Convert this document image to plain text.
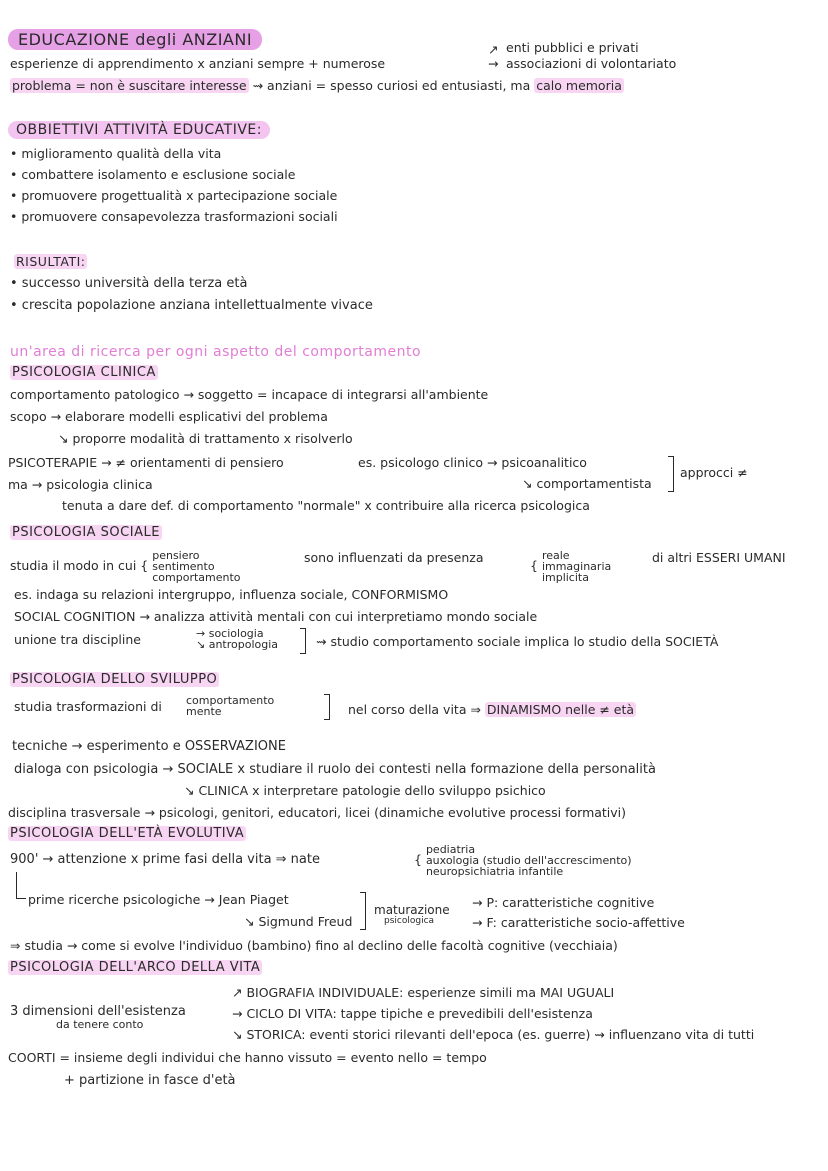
EDUCAZIONE degli ANZIANI
esperienze di apprendimento x anziani sempre + numerose
↗ enti pubblici e privati
→ associazioni di volontariato
problema = non è suscitare interesse ⇝ anziani = spesso curiosi ed entusiasti, ma calo memoria
OBBIETTIVI ATTIVITÀ EDUCATIVE:
• miglioramento qualità della vita
• combattere isolamento e esclusione sociale
• promuovere progettualità x partecipazione sociale
• promuovere consapevolezza trasformazioni sociali
RISULTATI:
• successo università della terza età
• crescita popolazione anziana intellettualmente vivace
un'area di ricerca per ogni aspetto del comportamento
PSICOLOGIA CLINICA
comportamento patologico → soggetto = incapace di integrarsi all'ambiente
scopo → elaborare modelli esplicativi del problema
↘ proporre modalità di trattamento x risolverlo
PSICOTERAPIE → ≠ orientamenti di pensiero	es. psicologo clinico → psicoanalitico
↘ comportamentista
approcci ≠
ma → psicologia clinica
tenuta a dare def. di comportamento "normale" x contribuire alla ricerca psicologica
PSICOLOGIA SOCIALE
studia il modo in cui {
pensiero
sentimento
comportamento
sono influenzati da presenza
{
reale
immaginaria
implicita
di altri ESSERI UMANI
es. indaga su relazioni intergruppo, influenza sociale, CONFORMISMO
SOCIAL COGNITION → analizza attività mentali con cui interpretiamo mondo sociale
unione tra discipline	→ sociologia
↘ antropologia	⇝ studio comportamento sociale implica lo studio della SOCIETÀ
PSICOLOGIA DELLO SVILUPPO
studia trasformazioni di comportamento
mente	nel corso della vita ⇒ DINAMISMO nelle ≠ età
tecniche → esperimento e OSSERVAZIONE
dialoga con psicologia → SOCIALE x studiare il ruolo dei contesti nella formazione della personalità
↘ CLINICA x interpretare patologie dello sviluppo psichico
disciplina trasversale → psicologi, genitori, educatori, licei (dinamiche evolutive processi formativi)
PSICOLOGIA DELL'ETÀ EVOLUTIVA
900' → attenzione x prime fasi della vita ⇒ nate	{
pediatria
auxologia (studio dell'accrescimento)
neuropsichiatria infantile
prime ricerche psicologiche → Jean Piaget
↘ Sigmund Freud
maturazione
psicologica
→ P: caratteristiche cognitive
→ F: caratteristiche socio-affettive
⇒ studia → come si evolve l'individuo (bambino) fino al declino delle facoltà cognitive (vecchiaia)
PSICOLOGIA DELL'ARCO DELLA VITA
↗ BIOGRAFIA INDIVIDUALE: esperienze simili ma MAI UGUALI
3 dimensioni dell'esistenza
da tenere conto
→ CICLO DI VITA: tappe tipiche e prevedibili dell'esistenza
↘ STORICA: eventi storici rilevanti dell'epoca (es. guerre) ⇝ influenzano vita di tutti
COORTI = insieme degli individui che hanno vissuto = evento nello = tempo
+ partizione in fasce d'età
